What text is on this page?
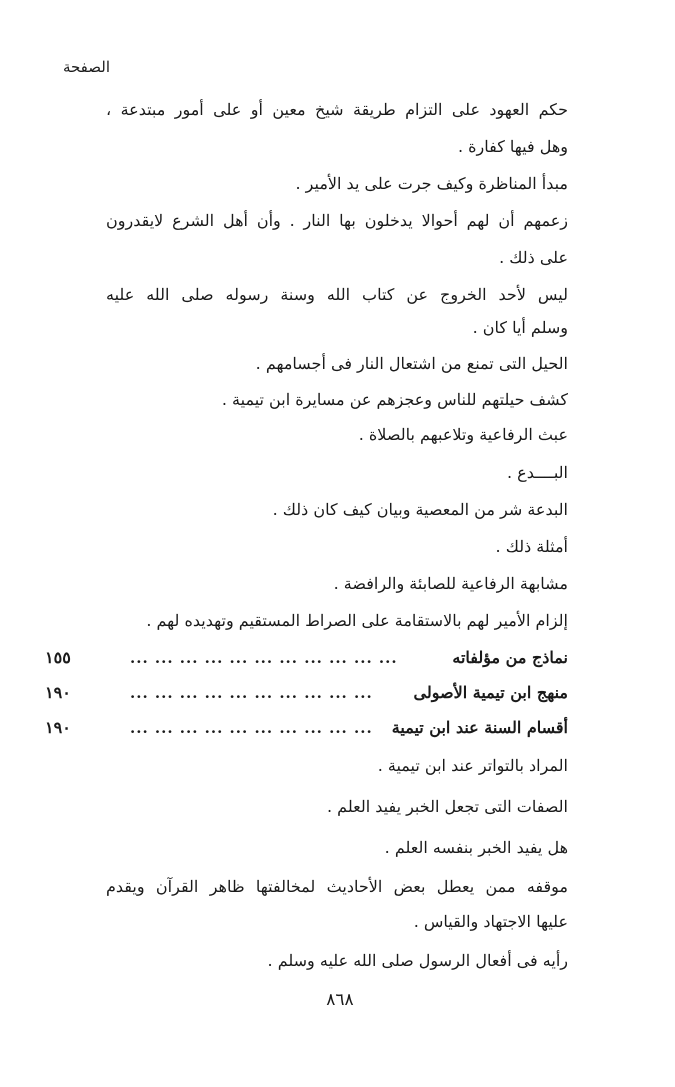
الصفحة
حكم العهود على التزام طريقة شيخ معين أو على أمور مبتدعة ،
وهل فيها كفارة .
مبدأ المناظرة وكيف جرت على يد الأمير .
زعمهم أن لهم أحوالا يدخلون بها النار . وأن أهل الشرع لايقدرون
على ذلك .
ليس لأحد الخروج عن كتاب الله وسنة رسوله صلى الله عليه
وسلم أيا كان .
الحيل التى تمنع من اشتعال النار فى أجسامهم .
كشف حيلتهم للناس وعجزهم عن مسايرة ابن تيمية .
عبث الرفاعية وتلاعبهم بالصلاة .
البــــدع .
البدعة شر من المعصية وبيان كيف كان ذلك .
أمثلة ذلك .
مشابهة الرفاعية للصابئة والرافضة .
إلزام الأمير لهم بالاستقامة على الصراط المستقيم وتهديده لهم .
نماذج من مؤلفاته
... ... ... ... ... ... ... ... ... ... ...
١٥٥
منهج ابن تيمية الأصولى
... ... ... ... ... ... ... ... ... ...
١٩٠
أقسام السنة عند ابن تيمية
... ... ... ... ... ... ... ... ... ...
١٩٠
المراد بالتواتر عند ابن تيمية .
الصفات التى تجعل الخبر يفيد العلم .
هل يفيد الخبر بنفسه العلم .
موقفه ممن يعطل بعض الأحاديث لمخالفتها ظاهر القرآن ويقدم
عليها الاجتهاد والقياس .
رأيه فى أفعال الرسول صلى الله عليه وسلم .
٨٦٨
